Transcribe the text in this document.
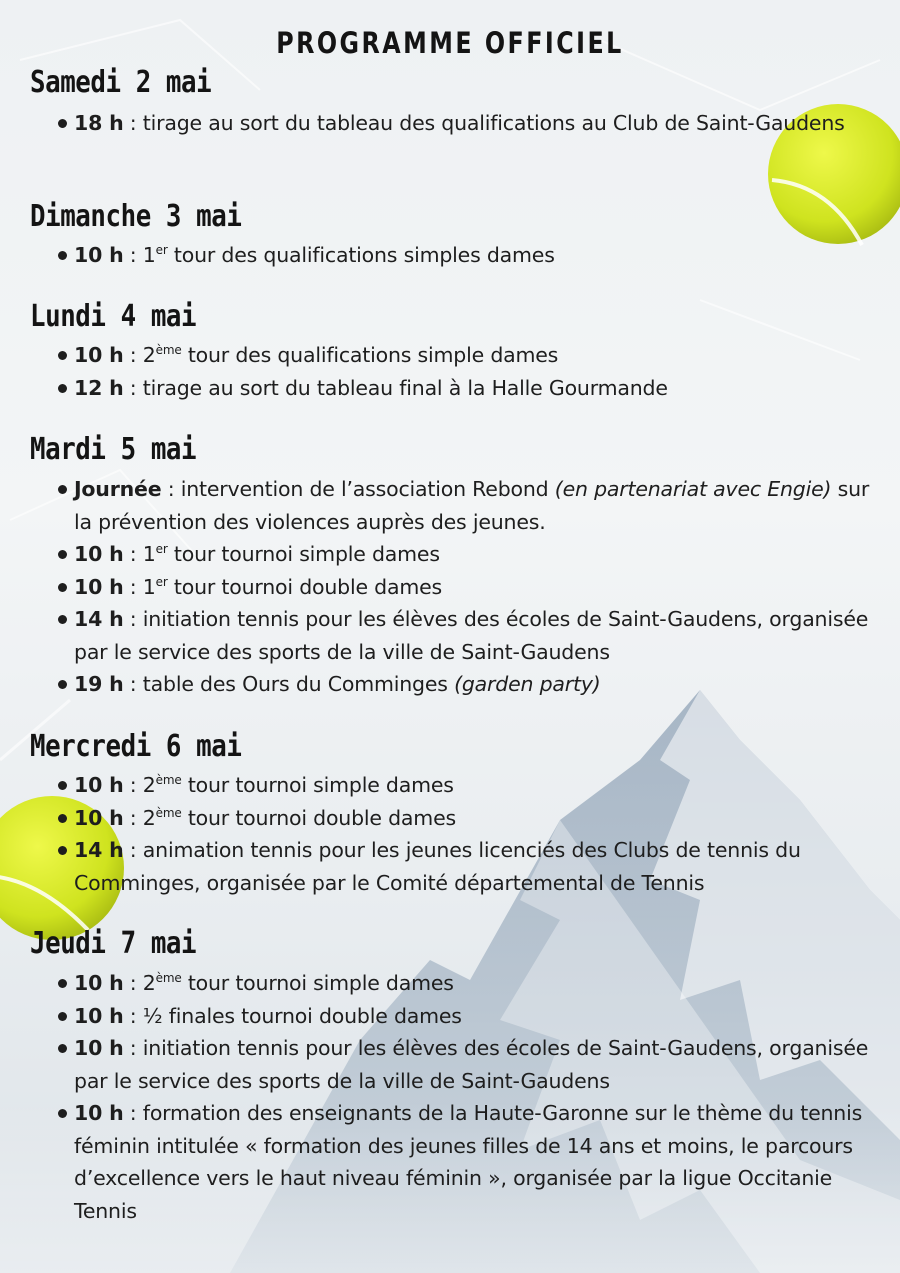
PROGRAMME OFFICIEL
Samedi 2 mai
18 h : tirage au sort du tableau des qualifications au Club de Saint-Gaudens
Dimanche 3 mai
10 h : 1er tour des qualifications simples dames
Lundi 4 mai
10 h : 2ème tour des qualifications simple dames
12 h : tirage au sort du tableau final à la Halle Gourmande
Mardi 5 mai
Journée : intervention de l’association Rebond (en partenariat avec Engie) sur la prévention des violences auprès des jeunes.
10 h : 1er tour tournoi simple dames
10 h : 1er tour tournoi double dames
14 h : initiation tennis pour les élèves des écoles de Saint-Gaudens, organisée par le service des sports de la ville de Saint-Gaudens
19 h : table des Ours du Comminges (garden party)
Mercredi 6 mai
10 h : 2ème tour tournoi simple dames
10 h : 2ème tour tournoi double dames
14 h : animation tennis pour les jeunes licenciés des Clubs de tennis du Comminges, organisée par le Comité départemental de Tennis
Jeudi 7 mai
10 h : 2ème tour tournoi simple dames
10 h : ½ finales tournoi double dames
10 h : initiation tennis pour les élèves des écoles de Saint-Gaudens, organisée par le service des sports de la ville de Saint-Gaudens
10 h : formation des enseignants de la Haute-Garonne sur le thème du tennis féminin intitulée « formation des jeunes filles de 14 ans et moins, le parcours d’excellence vers le haut niveau féminin », organisée par la ligue Occitanie Tennis
